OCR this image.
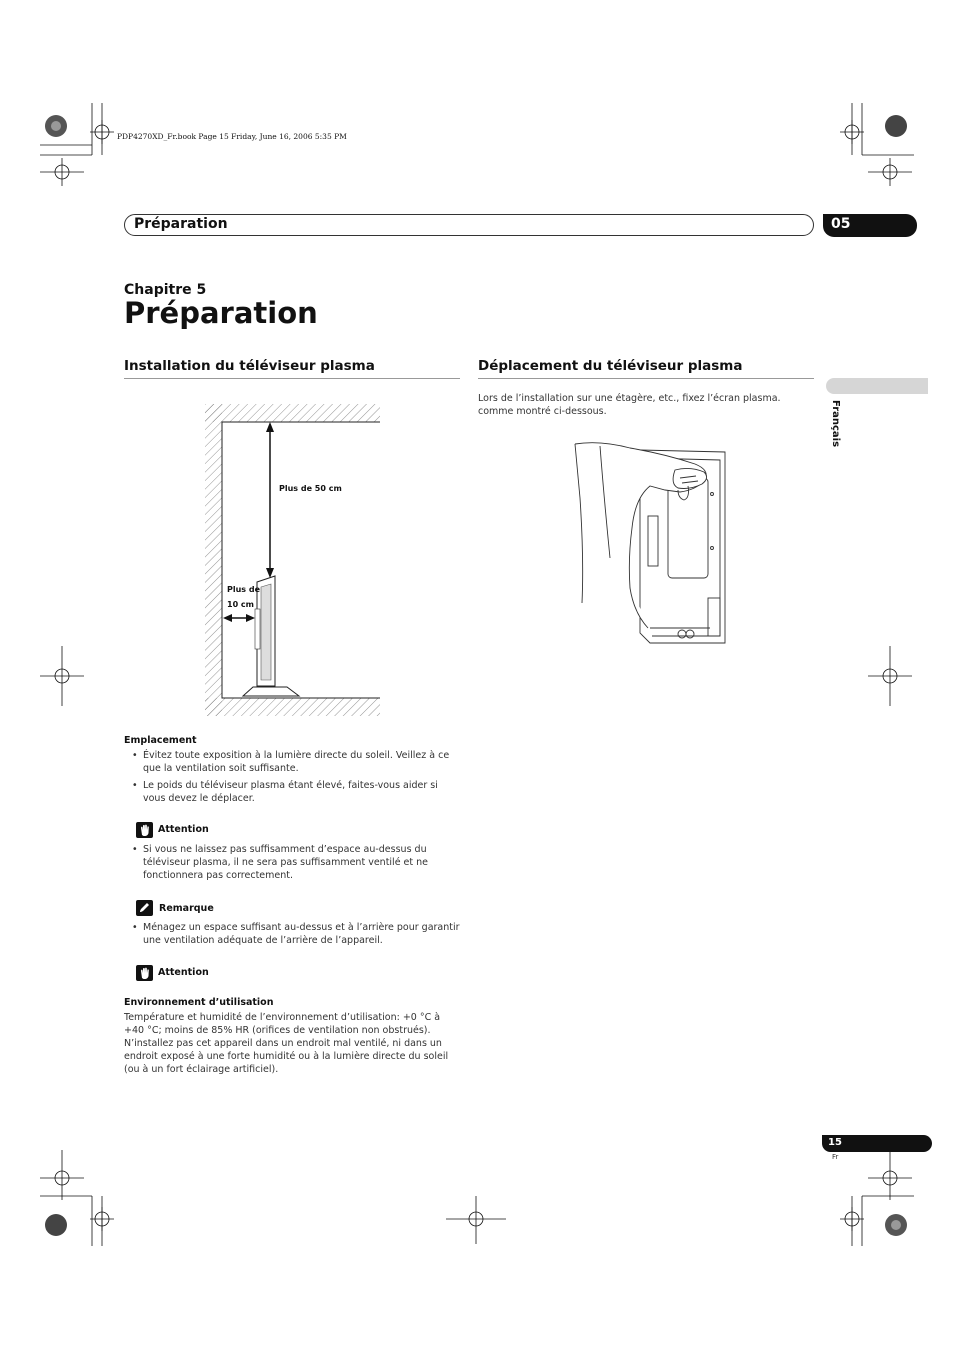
PDP4270XD_Fr.book Page 15 Friday, June 16, 2006 5:35 PM
Préparation	05
Chapitre 5
Préparation
Français
Installation du téléviseur plasma
Plus de 50 cm
Plus de
10 cm
Emplacement
• Évitez toute exposition à la lumière directe du soleil. Veillez à ce que la ventilation soit suffisante.
• Le poids du téléviseur plasma étant élevé, faites-vous aider si vous devez le déplacer.
Attention
• Si vous ne laissez pas suffisamment d’espace au-dessus du téléviseur plasma, il ne sera pas suffisamment ventilé et ne fonctionnera pas correctement.
Remarque
• Ménagez un espace suffisant au-dessus et à l’arrière pour garantir une ventilation adéquate de l’arrière de l’appareil.
Attention
Environnement d’utilisation
Température et humidité de l’environnement d’utilisation: +0 °C à +40 °C; moins de 85% HR (orifices de ventilation non obstrués). N’installez pas cet appareil dans un endroit mal ventilé, ni dans un endroit exposé à une forte humidité ou à la lumière directe du soleil (ou à un fort éclairage artificiel).
Déplacement du téléviseur plasma
Lors de l’installation sur une étagère, etc., fixez l’écran plasma. comme montré ci-dessous.
15
Fr
